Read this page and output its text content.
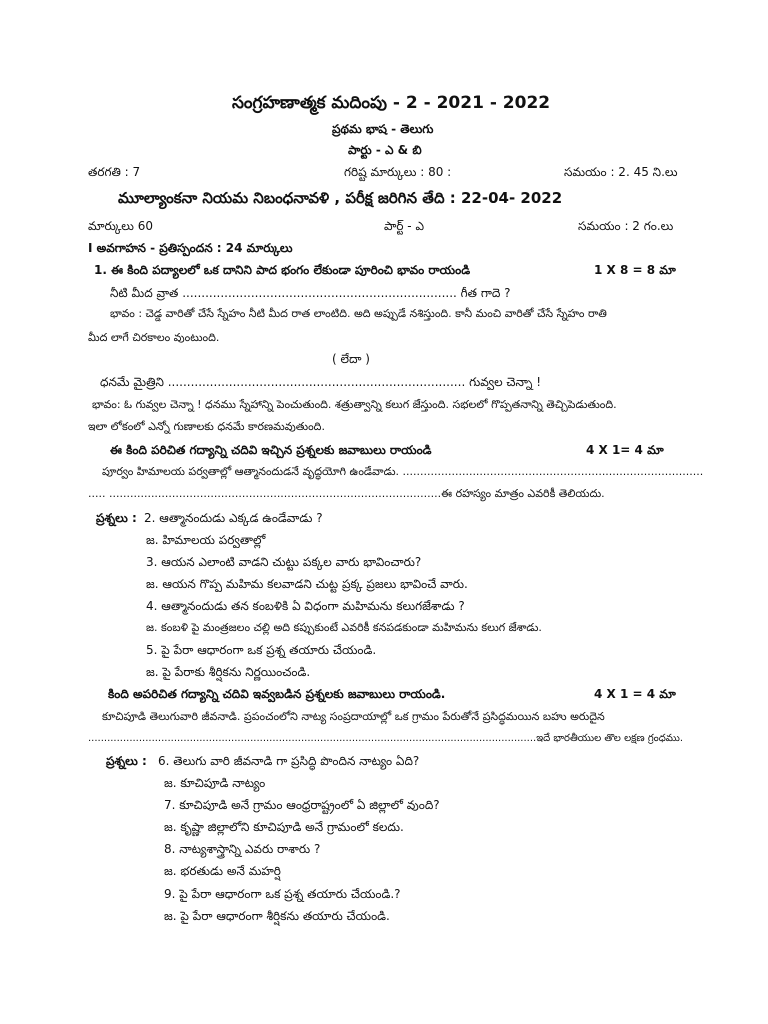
సంగ్రహణాత్మక మదింపు - 2 - 2021 - 2022
ప్రథమ భాష - తెలుగు
పార్టు - ఎ & బి
తరగతి : 7	గరిష్ట మార్కులు : 80 :	సమయం : 2. 45 ని.లు
మూల్యాంకనా నియమ నిబంధనావళి , పరీక్ష జరిగిన తేది : 22-04- 2022
మార్కులు 60	పార్ట్ - ఎ	సమయం : 2 గం.లు
I అవగాహన - ప్రతిస్పందన : 24 మార్కులు
1. ఈ కింది పద్యాలలో ఒక దానిని పాద భంగం లేకుండా పూరించి భావం రాయండి	1 X 8 = 8 మా
నీటి మీద వ్రాత ........................................................................ గీత గాదె ?
భావం : చెడ్డ వారితో చేసే స్నేహం నీటి మీద రాత లాంటిది. అది అప్పుడే నశిస్తుంది. కానీ మంచి వారితో చేసే స్నేహం రాతి
మీద లాగే చిరకాలం వుంటుంది.
( లేదా )
ధనమే మైత్రిని .............................................................................. గువ్వల చెన్నా !
భావం: ఓ గువ్వల చెన్నా ! ధనము స్నేహాన్ని పెంచుతుంది. శత్రుత్వాన్ని కలుగ జేస్తుంది. సభలలో గొప్పతనాన్ని తెచ్చిపెడుతుంది.
ఇలా లోకంలో ఎన్నో గుణాలకు ధనమే కారణమవుతుంది.
ఈ కింది పరిచిత గద్యాన్ని చదివి ఇచ్చిన ప్రశ్నలకు జవాబులు రాయండి	4 X 1= 4 మా
పూర్వం హిమాలయ పర్వతాల్లో ఆత్మానందుడనే వృద్ధయోగి ఉండేవాడు. ......................................................................................
..... ...............................................................................................ఈ రహస్యం మాత్రం ఎవరికీ తెలియదు.
ప్రశ్నలు : 2. ఆత్మానందుడు ఎక్కడ ఉండేవాడు ?
జ. హిమాలయ పర్వతాల్లో
3. ఆయన ఎలాంటి వాడని చుట్టు పక్కల వారు భావించారు?
జ. ఆయన గొప్ప మహిమ కలవాడని చుట్ట ప్రక్క ప్రజలు భావించే వారు.
4. ఆత్మానందుడు తన కంబళికి ఏ విధంగా మహిమను కలుగజేశాడు ?
జ. కంబళి పై మంత్రజలం చల్లి అది కప్పుకుంటే ఎవరికీ కనపడకుండా మహిమను కలుగ జేశాడు.
5. పై పేరా ఆధారంగా ఒక ప్రశ్న తయారు చేయండి.
జ. పై పేరాకు శీర్షికను నిర్ణయించండి.
కింది అపరిచిత గద్యాన్ని చదివి ఇవ్వబడిన ప్రశ్నలకు జవాబులు రాయండి.	4 X 1 = 4 మా
కూచిపూడి తెలుగువారి జీవనాడి. ప్రపంచంలోని నాట్య సంప్రదాయాల్లో ఒక గ్రామం పేరుతోనే ప్రసిద్ధమయిన బహు అరుదైన
.............................................................................................................................................ఇదే భారతీయుల తొల లక్షణ గ్రంధము.
ప్రశ్నలు : 6. తెలుగు వారి జీవనాడి గా ప్రసిద్ధి పొందిన నాట్యం ఏది?
జ. కూచిపూడి నాట్యం
7. కూచిపూడి అనే గ్రామం ఆంధ్రరాష్ట్రంలో ఏ జిల్లాలో వుంది?
జ. కృష్ణా జిల్లాలోని కూచిపూడి అనే గ్రామంలో కలదు.
8. నాట్యశాస్త్రాన్ని ఎవరు రాశారు ?
జ. భరతుడు అనే మహర్షి
9. పై పేరా ఆధారంగా ఒక ప్రశ్న తయారు చేయండి.?
జ. పై పేరా ఆధారంగా శీర్షికను తయారు చేయండి.
